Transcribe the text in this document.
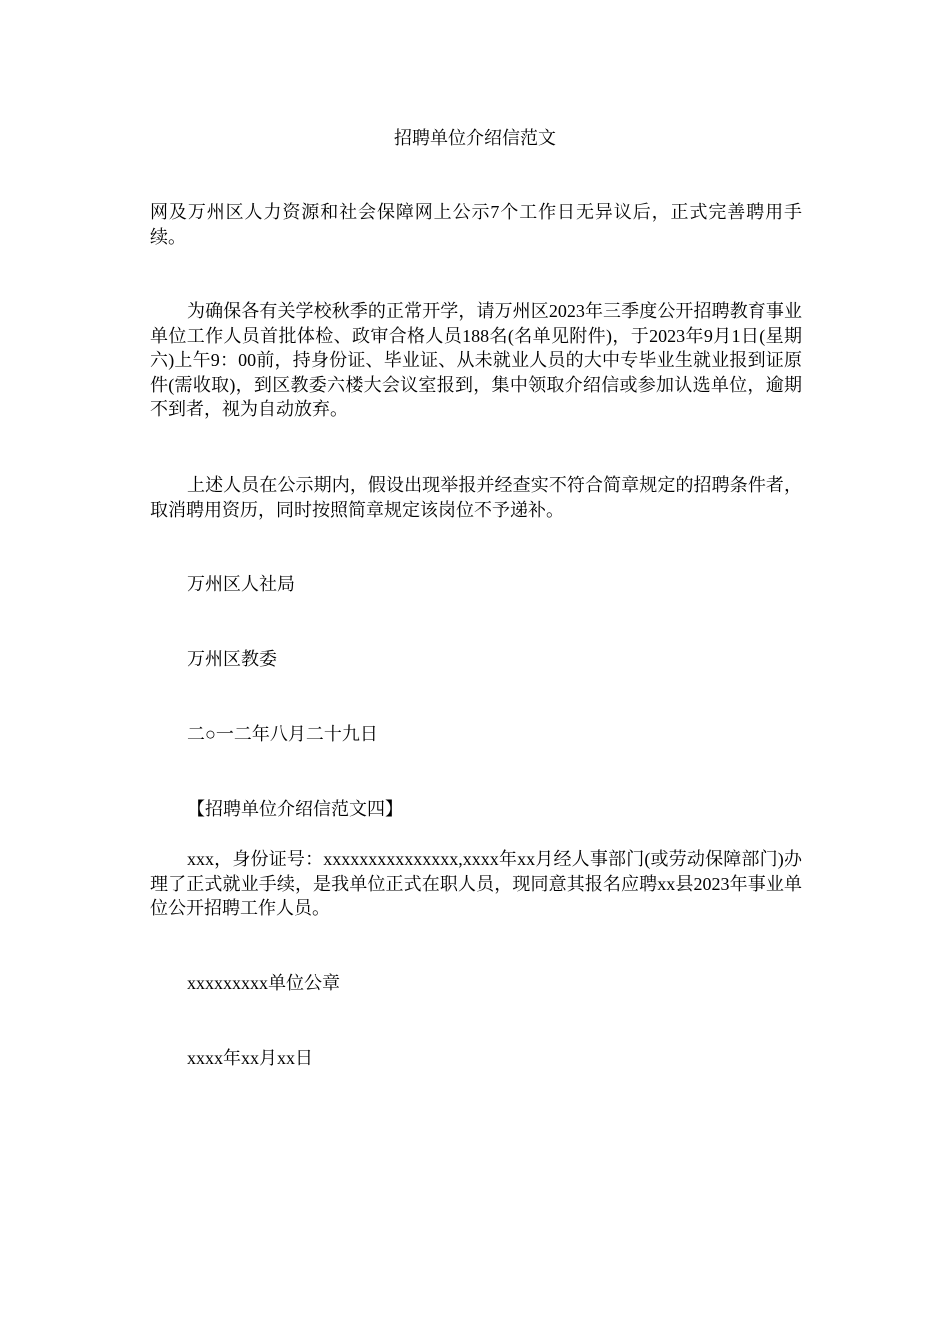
招聘单位介绍信范文

网及万州区人力资源和社会保障网上公示7个工作日无异议后，正式完善聘用手续。

为确保各有关学校秋季的正常开学，请万州区2023年三季度公开招聘教育事业单位工作人员首批体检、政审合格人员188名(名单见附件)，于2023年9月1日(星期六)上午9：00前，持身份证、毕业证、从未就业人员的大中专毕业生就业报到证原件(需收取)，到区教委六楼大会议室报到，集中领取介绍信或参加认选单位，逾期不到者，视为自动放弃。

上述人员在公示期内，假设出现举报并经查实不符合简章规定的招聘条件者，取消聘用资历，同时按照简章规定该岗位不予递补。

万州区人社局

万州区教委

二○一二年八月二十九日

【招聘单位介绍信范文四】

xxx，身份证号：xxxxxxxxxxxxxxx,xxxx年xx月经人事部门(或劳动保障部门)办理了正式就业手续，是我单位正式在职人员，现同意其报名应聘xx县2023年事业单位公开招聘工作人员。

xxxxxxxxx单位公章

xxxx年xx月xx日
